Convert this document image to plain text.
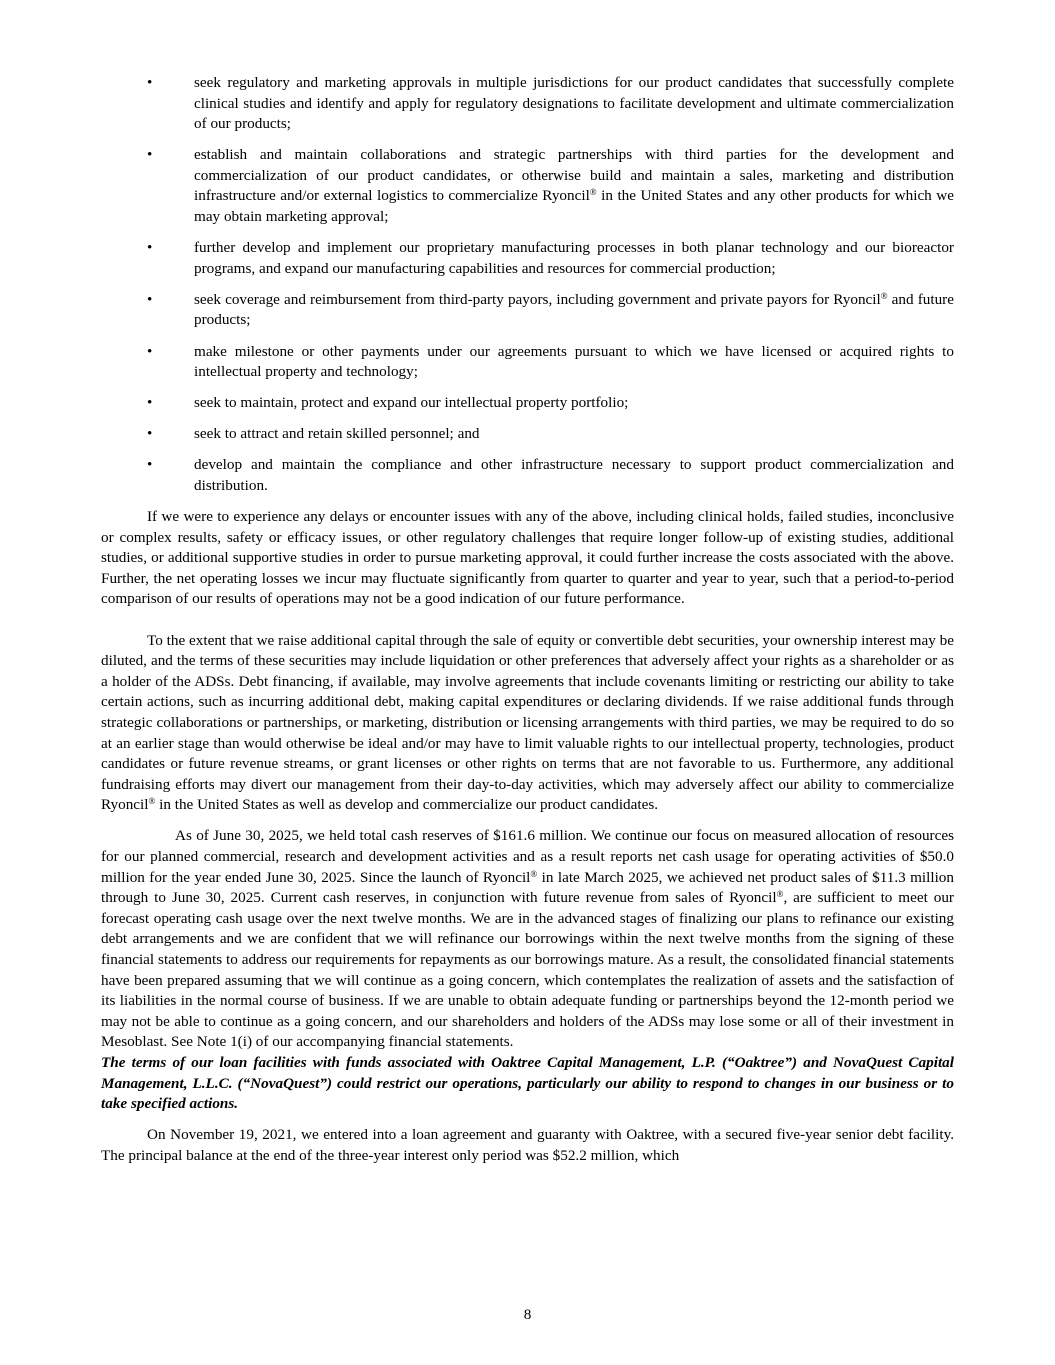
•	seek regulatory and marketing approvals in multiple jurisdictions for our product candidates that successfully complete clinical studies and identify and apply for regulatory designations to facilitate development and ultimate commercialization of our products;
•	establish and maintain collaborations and strategic partnerships with third parties for the development and commercialization of our product candidates, or otherwise build and maintain a sales, marketing and distribution infrastructure and/or external logistics to commercialize Ryoncil® in the United States and any other products for which we may obtain marketing approval;
•	further develop and implement our proprietary manufacturing processes in both planar technology and our bioreactor programs, and expand our manufacturing capabilities and resources for commercial production;
•	seek coverage and reimbursement from third-party payors, including government and private payors for Ryoncil® and future products;
•	make milestone or other payments under our agreements pursuant to which we have licensed or acquired rights to intellectual property and technology;
•	seek to maintain, protect and expand our intellectual property portfolio;
•	seek to attract and retain skilled personnel; and
•	develop and maintain the compliance and other infrastructure necessary to support product commercialization and distribution.

If we were to experience any delays or encounter issues with any of the above, including clinical holds, failed studies, inconclusive or complex results, safety or efficacy issues, or other regulatory challenges that require longer follow-up of existing studies, additional studies, or additional supportive studies in order to pursue marketing approval, it could further increase the costs associated with the above. Further, the net operating losses we incur may fluctuate significantly from quarter to quarter and year to year, such that a period-to-period comparison of our results of operations may not be a good indication of our future performance.

To the extent that we raise additional capital through the sale of equity or convertible debt securities, your ownership interest may be diluted, and the terms of these securities may include liquidation or other preferences that adversely affect your rights as a shareholder or as a holder of the ADSs. Debt financing, if available, may involve agreements that include covenants limiting or restricting our ability to take certain actions, such as incurring additional debt, making capital expenditures or declaring dividends. If we raise additional funds through strategic collaborations or partnerships, or marketing, distribution or licensing arrangements with third parties, we may be required to do so at an earlier stage than would otherwise be ideal and/or may have to limit valuable rights to our intellectual property, technologies, product candidates or future revenue streams, or grant licenses or other rights on terms that are not favorable to us. Furthermore, any additional fundraising efforts may divert our management from their day-to-day activities, which may adversely affect our ability to commercialize Ryoncil® in the United States as well as develop and commercialize our product candidates.

As of June 30, 2025, we held total cash reserves of $161.6 million. We continue our focus on measured allocation of resources for our planned commercial, research and development activities and as a result reports net cash usage for operating activities of $50.0 million for the year ended June 30, 2025. Since the launch of Ryoncil® in late March 2025, we achieved net product sales of $11.3 million through to June 30, 2025. Current cash reserves, in conjunction with future revenue from sales of Ryoncil®, are sufficient to meet our forecast operating cash usage over the next twelve months. We are in the advanced stages of finalizing our plans to refinance our existing debt arrangements and we are confident that we will refinance our borrowings within the next twelve months from the signing of these financial statements to address our requirements for repayments as our borrowings mature. As a result, the consolidated financial statements have been prepared assuming that we will continue as a going concern, which contemplates the realization of assets and the satisfaction of its liabilities in the normal course of business. If we are unable to obtain adequate funding or partnerships beyond the 12-month period we may not be able to continue as a going concern, and our shareholders and holders of the ADSs may lose some or all of their investment in Mesoblast. See Note 1(i) of our accompanying financial statements.

The terms of our loan facilities with funds associated with Oaktree Capital Management, L.P. (“Oaktree”) and NovaQuest Capital Management, L.L.C. (“NovaQuest”) could restrict our operations, particularly our ability to respond to changes in our business or to take specified actions.

On November 19, 2021, we entered into a loan agreement and guaranty with Oaktree, with a secured five-year senior debt facility. The principal balance at the end of the three-year interest only period was $52.2 million, which

8
